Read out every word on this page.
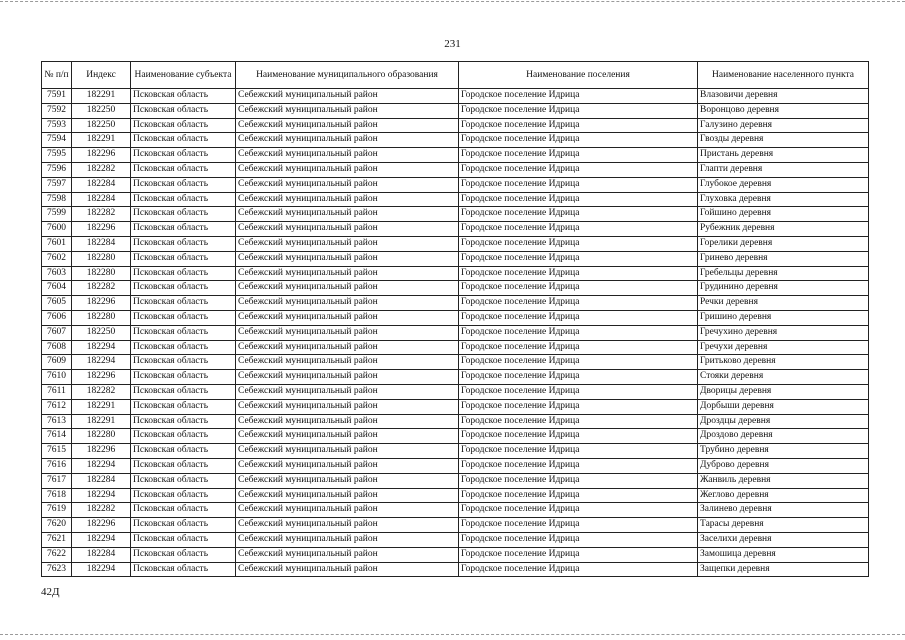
231
№ п/п	Индекс	Наименование субъекта	Наименование муниципального образования	Наименование поселения	Наименование населенного пункта
7591	182291	Псковская область	Себежский муниципальный район	Городское поселение Идрица	Влазовичи деревня
7592	182250	Псковская область	Себежский муниципальный район	Городское поселение Идрица	Воронцово деревня
7593	182250	Псковская область	Себежский муниципальный район	Городское поселение Идрица	Галузино деревня
7594	182291	Псковская область	Себежский муниципальный район	Городское поселение Идрица	Гвозды деревня
7595	182296	Псковская область	Себежский муниципальный район	Городское поселение Идрица	Пристань деревня
7596	182282	Псковская область	Себежский муниципальный район	Городское поселение Идрица	Глапти деревня
7597	182284	Псковская область	Себежский муниципальный район	Городское поселение Идрица	Глубокое деревня
7598	182284	Псковская область	Себежский муниципальный район	Городское поселение Идрица	Глуховка деревня
7599	182282	Псковская область	Себежский муниципальный район	Городское поселение Идрица	Гойшино деревня
7600	182296	Псковская область	Себежский муниципальный район	Городское поселение Идрица	Рубежник деревня
7601	182284	Псковская область	Себежский муниципальный район	Городское поселение Идрица	Горелики деревня
7602	182280	Псковская область	Себежский муниципальный район	Городское поселение Идрица	Гринево деревня
7603	182280	Псковская область	Себежский муниципальный район	Городское поселение Идрица	Гребельцы деревня
7604	182282	Псковская область	Себежский муниципальный район	Городское поселение Идрица	Грудинино деревня
7605	182296	Псковская область	Себежский муниципальный район	Городское поселение Идрица	Речки деревня
7606	182280	Псковская область	Себежский муниципальный район	Городское поселение Идрица	Гришино деревня
7607	182250	Псковская область	Себежский муниципальный район	Городское поселение Идрица	Гречухино деревня
7608	182294	Псковская область	Себежский муниципальный район	Городское поселение Идрица	Гречухи деревня
7609	182294	Псковская область	Себежский муниципальный район	Городское поселение Идрица	Гритьково деревня
7610	182296	Псковская область	Себежский муниципальный район	Городское поселение Идрица	Стояки деревня
7611	182282	Псковская область	Себежский муниципальный район	Городское поселение Идрица	Дворицы деревня
7612	182291	Псковская область	Себежский муниципальный район	Городское поселение Идрица	Дорбыши деревня
7613	182291	Псковская область	Себежский муниципальный район	Городское поселение Идрица	Дроздцы деревня
7614	182280	Псковская область	Себежский муниципальный район	Городское поселение Идрица	Дроздово деревня
7615	182296	Псковская область	Себежский муниципальный район	Городское поселение Идрица	Трубино деревня
7616	182294	Псковская область	Себежский муниципальный район	Городское поселение Идрица	Дуброво деревня
7617	182284	Псковская область	Себежский муниципальный район	Городское поселение Идрица	Жанвиль деревня
7618	182294	Псковская область	Себежский муниципальный район	Городское поселение Идрица	Жеглово деревня
7619	182282	Псковская область	Себежский муниципальный район	Городское поселение Идрица	Залинево деревня
7620	182296	Псковская область	Себежский муниципальный район	Городское поселение Идрица	Тарасы деревня
7621	182294	Псковская область	Себежский муниципальный район	Городское поселение Идрица	Заселихи деревня
7622	182284	Псковская область	Себежский муниципальный район	Городское поселение Идрица	Замошица деревня
7623	182294	Псковская область	Себежский муниципальный район	Городское поселение Идрица	Защепки деревня
42Д
